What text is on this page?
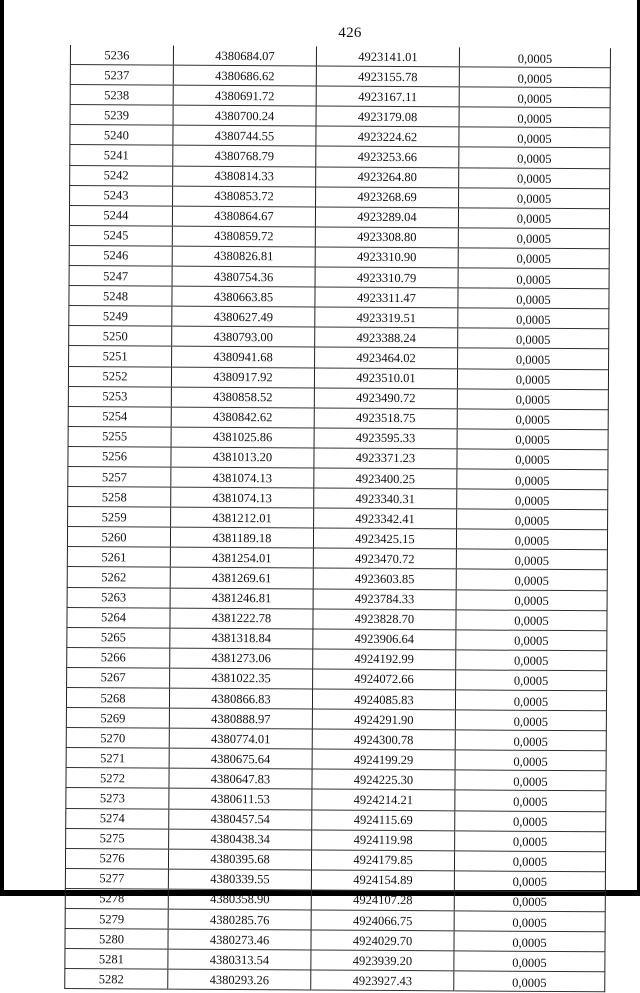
426
5236	4380684.07	4923141.01	0,0005
5237	4380686.62	4923155.78	0,0005
5238	4380691.72	4923167.11	0,0005
5239	4380700.24	4923179.08	0,0005
5240	4380744.55	4923224.62	0,0005
5241	4380768.79	4923253.66	0,0005
5242	4380814.33	4923264.80	0,0005
5243	4380853.72	4923268.69	0,0005
5244	4380864.67	4923289.04	0,0005
5245	4380859.72	4923308.80	0,0005
5246	4380826.81	4923310.90	0,0005
5247	4380754.36	4923310.79	0,0005
5248	4380663.85	4923311.47	0,0005
5249	4380627.49	4923319.51	0,0005
5250	4380793.00	4923388.24	0,0005
5251	4380941.68	4923464.02	0,0005
5252	4380917.92	4923510.01	0,0005
5253	4380858.52	4923490.72	0,0005
5254	4380842.62	4923518.75	0,0005
5255	4381025.86	4923595.33	0,0005
5256	4381013.20	4923371.23	0,0005
5257	4381074.13	4923400.25	0,0005
5258	4381074.13	4923340.31	0,0005
5259	4381212.01	4923342.41	0,0005
5260	4381189.18	4923425.15	0,0005
5261	4381254.01	4923470.72	0,0005
5262	4381269.61	4923603.85	0,0005
5263	4381246.81	4923784.33	0,0005
5264	4381222.78	4923828.70	0,0005
5265	4381318.84	4923906.64	0,0005
5266	4381273.06	4924192.99	0,0005
5267	4381022.35	4924072.66	0,0005
5268	4380866.83	4924085.83	0,0005
5269	4380888.97	4924291.90	0,0005
5270	4380774.01	4924300.78	0,0005
5271	4380675.64	4924199.29	0,0005
5272	4380647.83	4924225.30	0,0005
5273	4380611.53	4924214.21	0,0005
5274	4380457.54	4924115.69	0,0005
5275	4380438.34	4924119.98	0,0005
5276	4380395.68	4924179.85	0,0005
5277	4380339.55	4924154.89	0,0005
5278	4380358.90	4924107.28	0,0005
5279	4380285.76	4924066.75	0,0005
5280	4380273.46	4924029.70	0,0005
5281	4380313.54	4923939.20	0,0005
5282	4380293.26	4923927.43	0,0005
